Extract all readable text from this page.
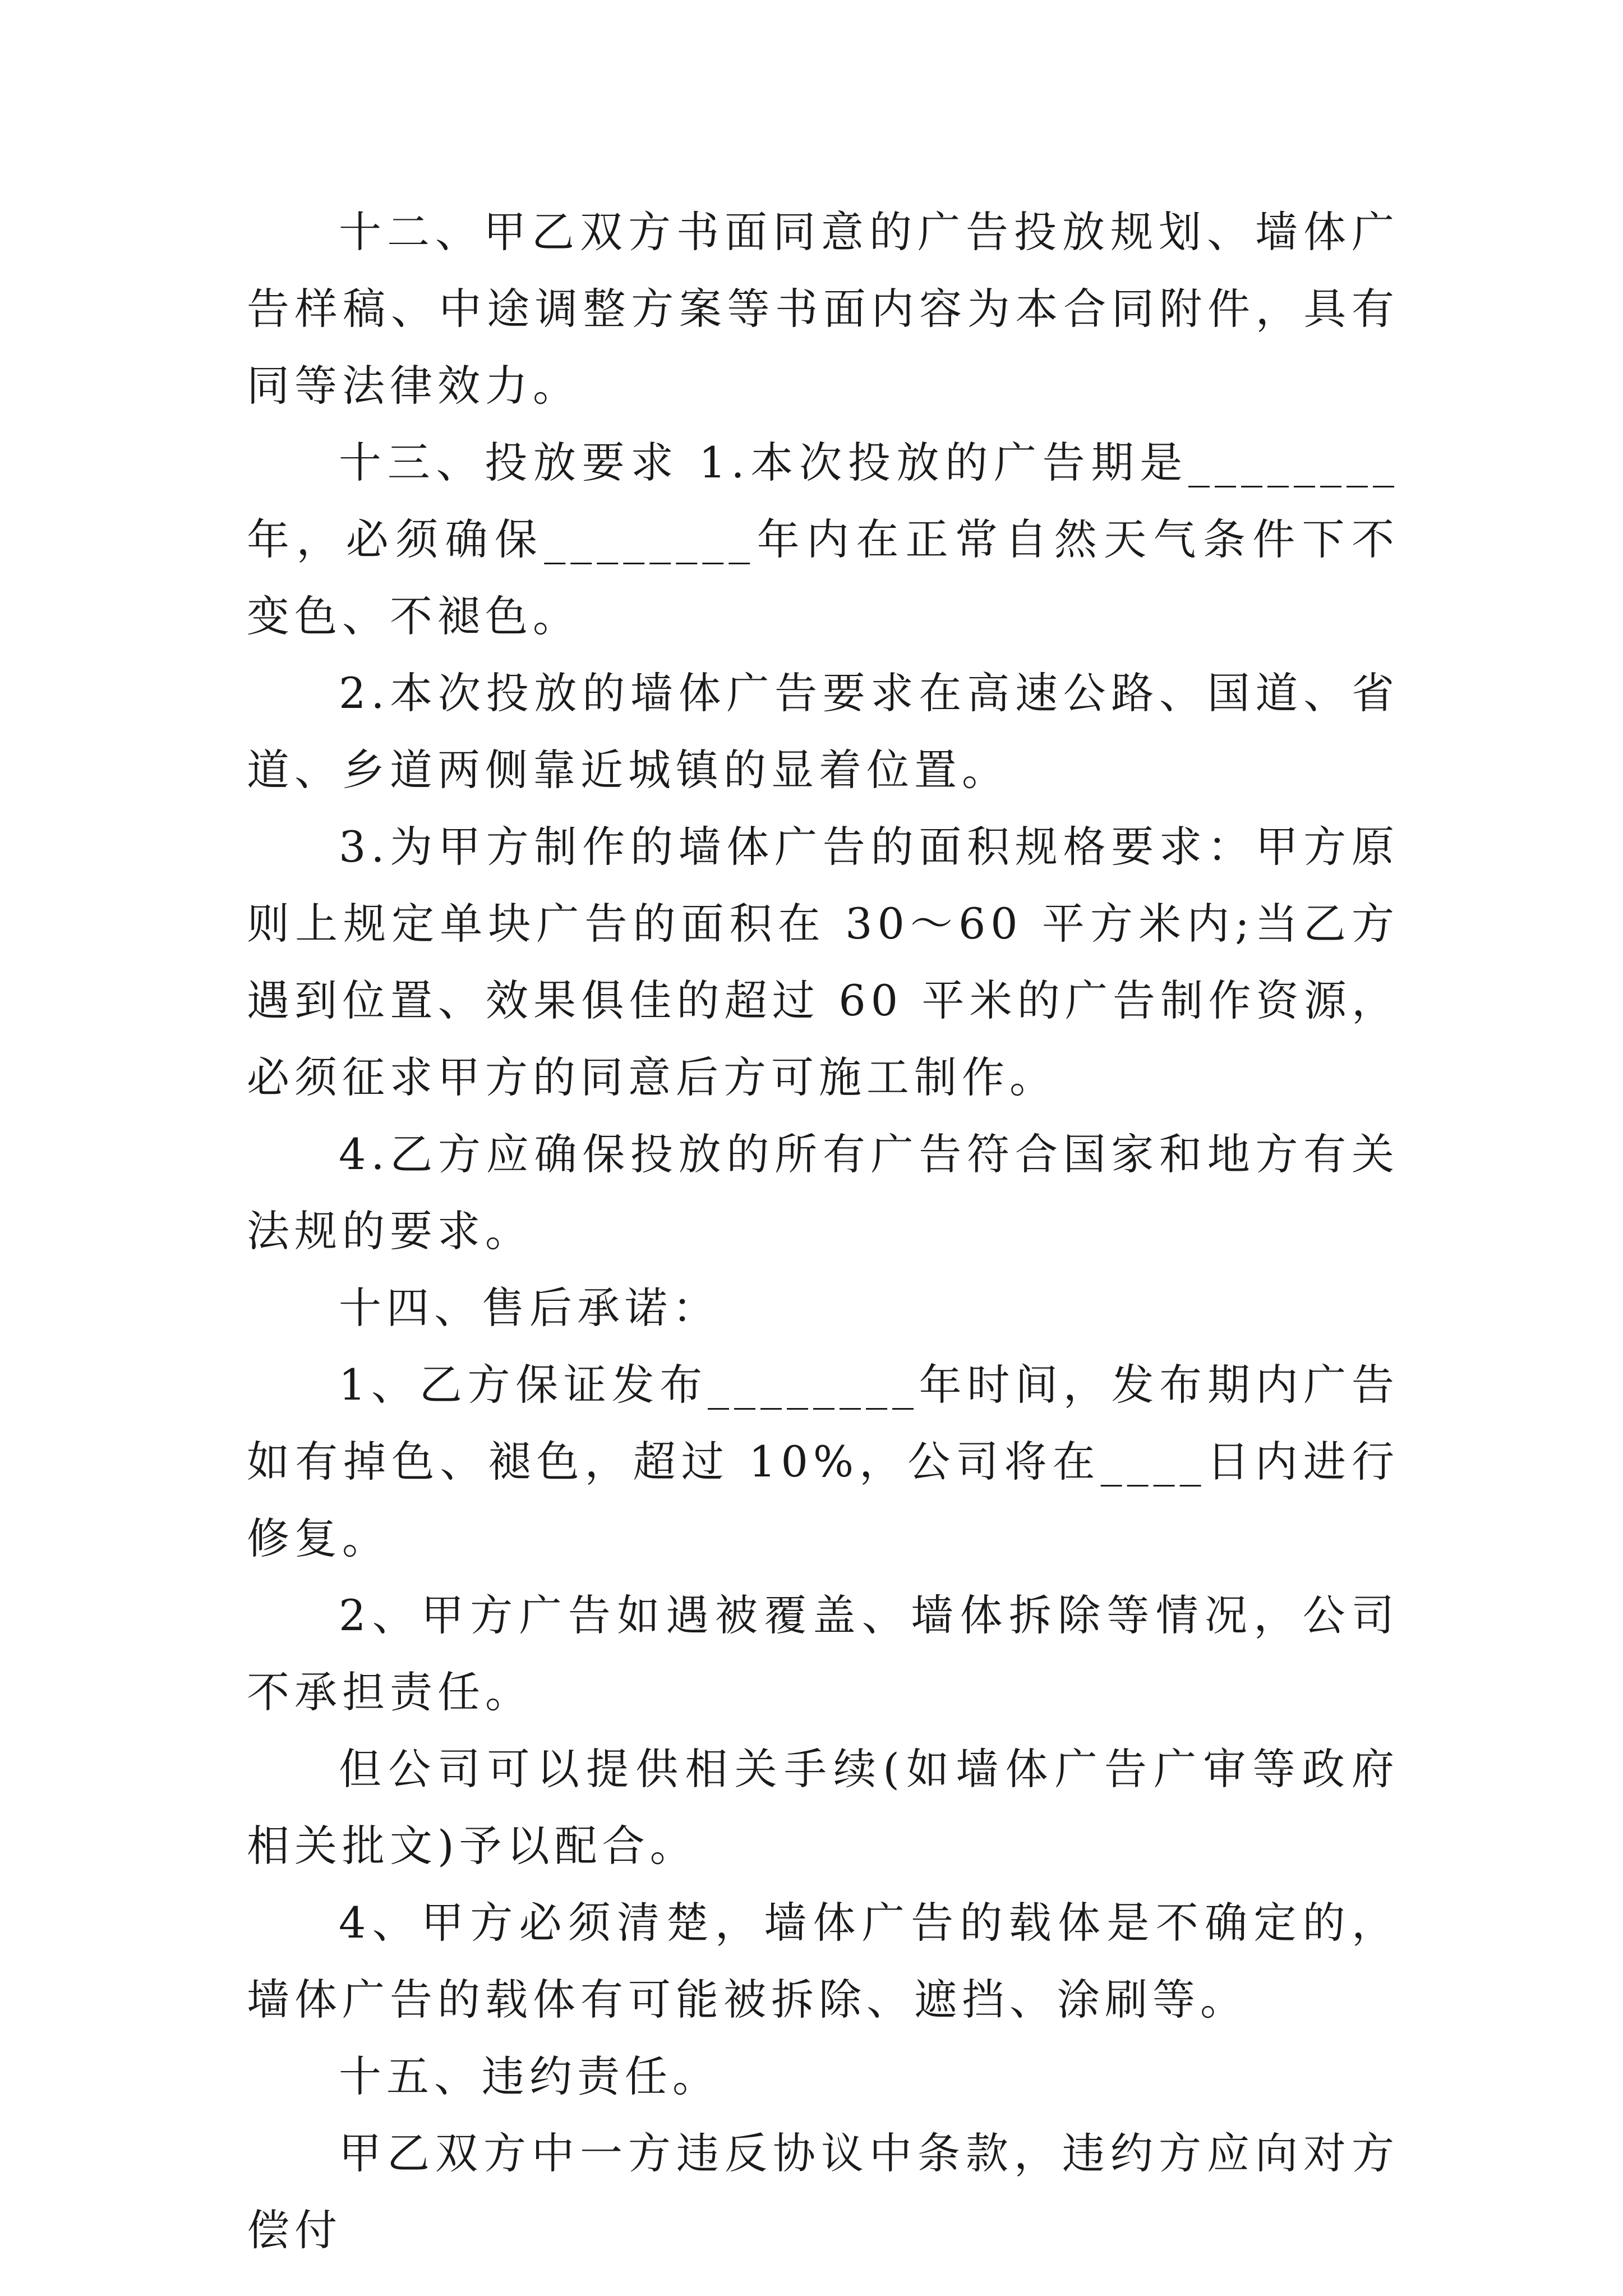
十二、甲乙双方书面同意的广告投放规划、墙体广告样稿、中途调整方案等书面内容为本合同附件，具有同等法律效力。

十三、投放要求 1.本次投放的广告期是________年，必须确保________年内在正常自然天气条件下不变色、不褪色。

2.本次投放的墙体广告要求在高速公路、国道、省道、乡道两侧靠近城镇的显着位置。

3.为甲方制作的墙体广告的面积规格要求：甲方原则上规定单块广告的面积在 30～60 平方米内;当乙方遇到位置、效果俱佳的超过 60 平米的广告制作资源，必须征求甲方的同意后方可施工制作。

4.乙方应确保投放的所有广告符合国家和地方有关法规的要求。

十四、售后承诺：

1、乙方保证发布________年时间，发布期内广告如有掉色、褪色，超过 10%，公司将在____日内进行修复。

2、甲方广告如遇被覆盖、墙体拆除等情况，公司不承担责任。

但公司可以提供相关手续(如墙体广告广审等政府相关批文)予以配合。

4、甲方必须清楚，墙体广告的载体是不确定的，墙体广告的载体有可能被拆除、遮挡、涂刷等。

十五、违约责任。

甲乙双方中一方违反协议中条款，违约方应向对方偿付
